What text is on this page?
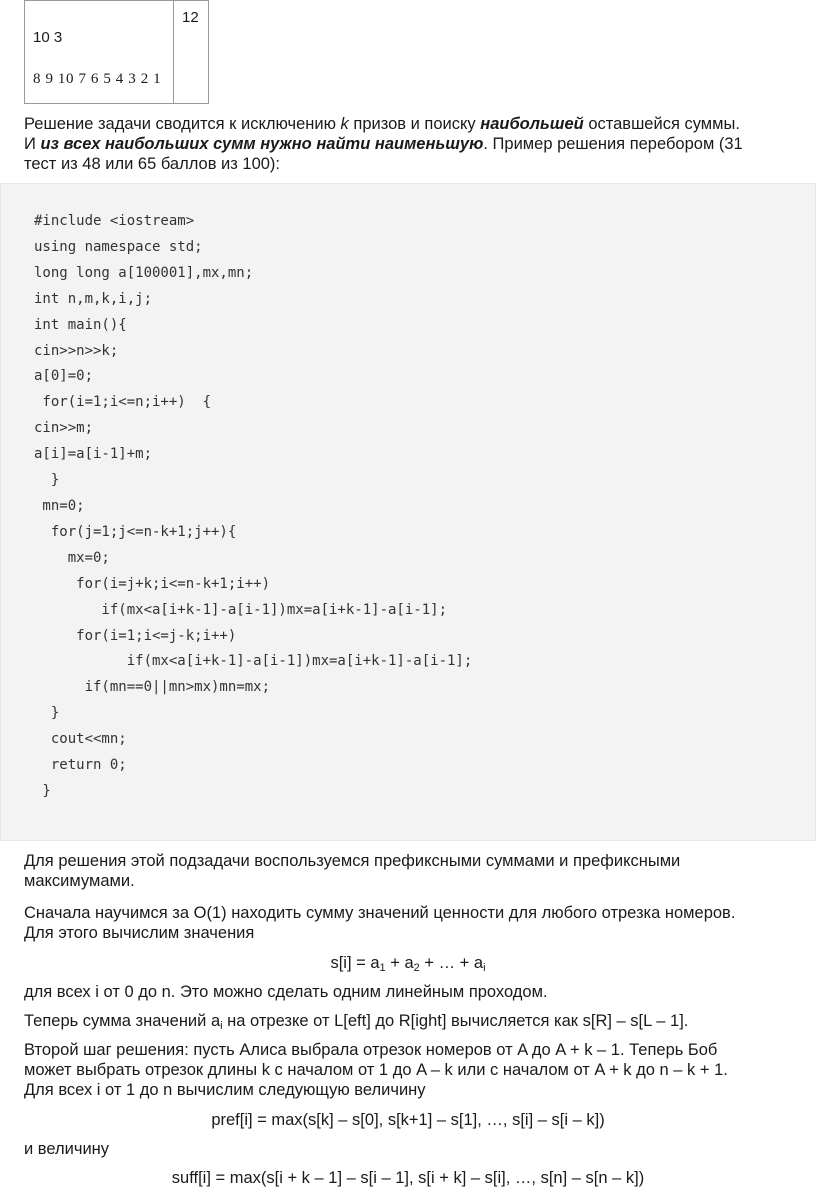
10 3
8 9 10 7 6 5 4 3 2 1

12
Решение задачи сводится к исключению k призов и поиску наибольшей оставшейся суммы.
И из всех наибольших сумм нужно найти наименьшую. Пример решения перебором (31
тест из 48 или 65 баллов из 100):
#include <iostream>
using namespace std;
long long a[100001],mx,mn;
int n,m,k,i,j;
int main(){
cin>>n>>k;
a[0]=0;
for(i=1;i<=n;i++)  {
cin>>m;
a[i]=a[i-1]+m;
}
mn=0;
for(j=1;j<=n-k+1;j++){
mx=0;
for(i=j+k;i<=n-k+1;i++)
if(mx<a[i+k-1]-a[i-1])mx=a[i+k-1]-a[i-1];
for(i=1;i<=j-k;i++)
if(mx<a[i+k-1]-a[i-1])mx=a[i+k-1]-a[i-1];
if(mn==0||mn>mx)mn=mx;
}
cout<<mn;
return 0;
}
Для решения этой подзадачи воспользуемся префиксными суммами и префиксными
максимумами.
Сначала научимся за O(1) находить сумму значений ценности для любого отрезка номеров.
Для этого вычислим значения
$s[i] = a_1 + a_2$ + … + $a_i$
для всех i от 0 до n. Это можно сделать одним линейным проходом.
Теперь сумма значений $a_i$ на отрезке от L[eft] до R[ight] вычисляется как s[R] – s[L – 1].
Второй шаг решения: пусть Алиса выбрала отрезок номеров от A до A + k – 1. Теперь Боб
может выбрать отрезок длины k с началом от 1 до A – k или с началом от A + k до n – k + 1.
Для всех i от 1 до n вычислим следующую величину
pref[i] = max(s[k] – s[0], s[k+1] – s[1], …, s[i] – s[i – k])
и величину
suff[i] = max(s[i + k – 1] – s[i – 1], s[i + k] – s[i], …, s[n] – s[n – k])
